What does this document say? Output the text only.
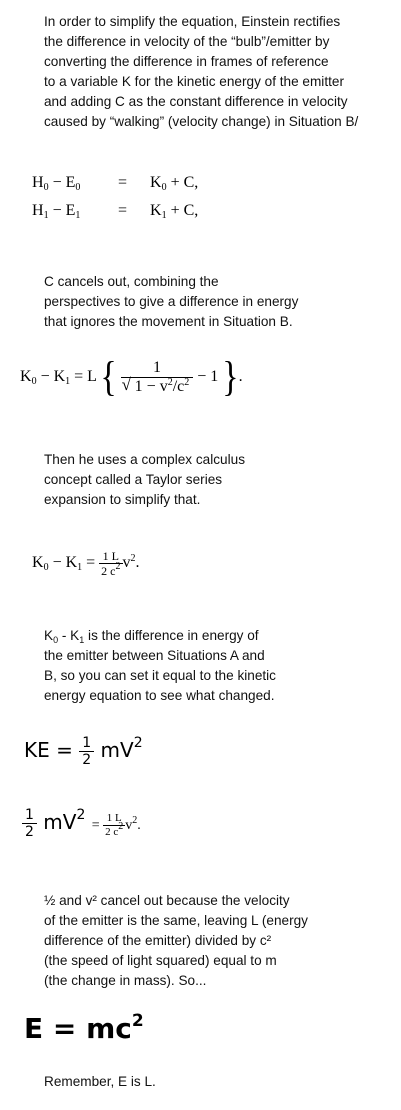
In order to simplify the equation, Einstein rectifies
the difference in velocity of the “bulb”/emitter by
converting the difference in frames of reference
to a variable K for the kinetic energy of the emitter
and adding C as the constant difference in velocity
caused by “walking” (velocity change) in Situation B/
$H_0 - E_0 = K_0 + C$,
$H_1 - E_1 = K_1 + C$,
C cancels out, combining the
perspectives to give a difference in energy
that ignores the movement in Situation B.
$K_0 - K_1 = L$ { $\frac{1}{√ 1 - v^2/c^2} - 1$ }.
Then he uses a complex calculus
concept called a Taylor series
expansion to simplify that.
$K_0 - K_1 = \frac{1 L}{2 c^2} v^2$.
$K_0 - K_1$ is the difference in energy of
the emitter between Situations A and
B, so you can set it equal to the kinetic
energy equation to see what changed.
KE = $\frac{1}{2} mV^2$
$\frac{1}{2} mV^2 = \frac{1 L}{2 c^2} v^2$.
½ and v² cancel out because the velocity
of the emitter is the same, leaving L (energy
difference of the emitter) divided by c²
(the speed of light squared) equal to m
(the change in mass). So...
$E = mc^2$
Remember, E is L.
